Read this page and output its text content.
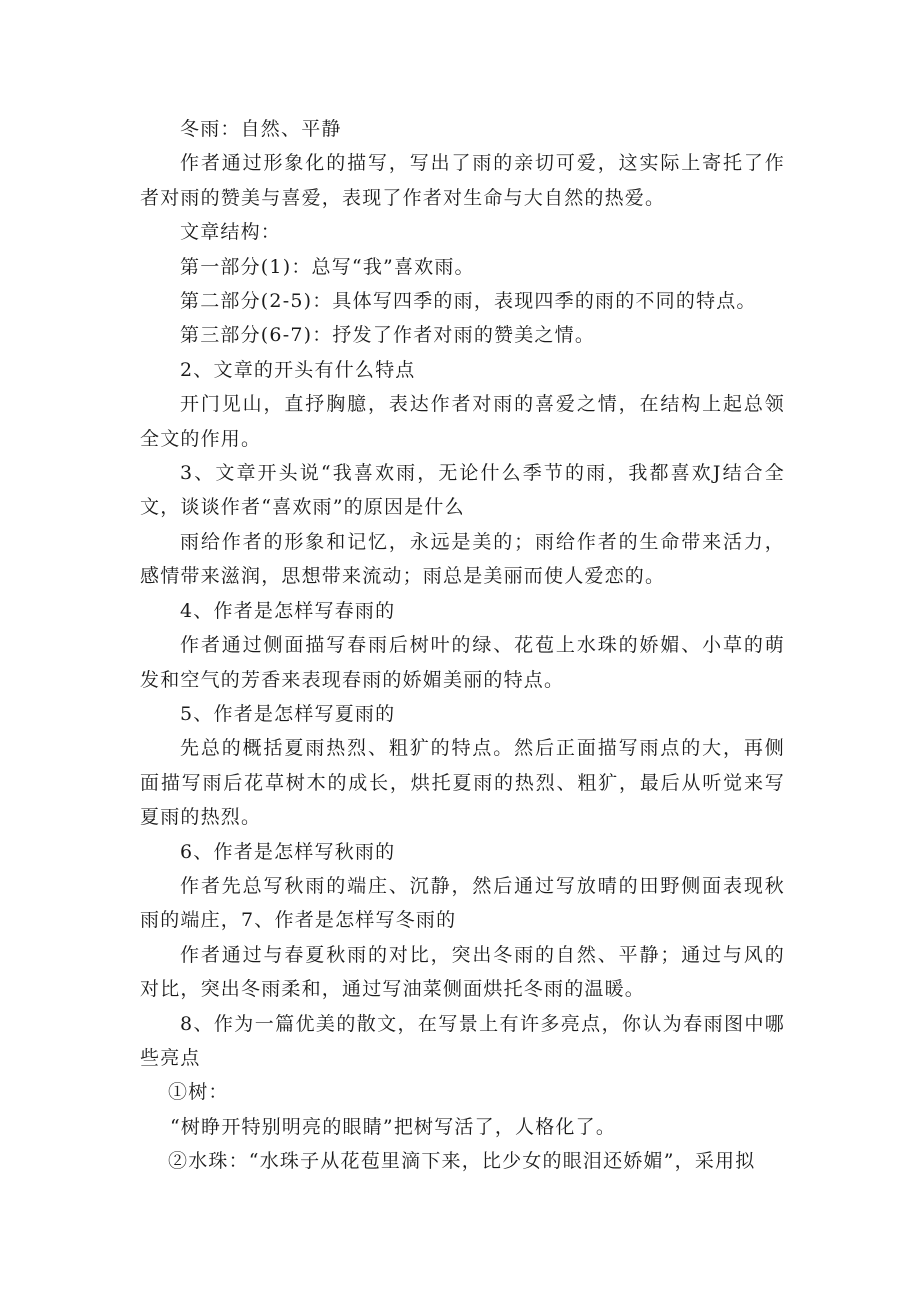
冬雨：自然、平静

作者通过形象化的描写，写出了雨的亲切可爱，这实际上寄托了作者对雨的赞美与喜爱，表现了作者对生命与大自然的热爱。

文章结构：

第一部分(1)：总写“我”喜欢雨。

第二部分(2-5)：具体写四季的雨，表现四季的雨的不同的特点。

第三部分(6-7)：抒发了作者对雨的赞美之情。

2、文章的开头有什么特点

开门见山，直抒胸臆，表达作者对雨的喜爱之情，在结构上起总领全文的作用。

3、文章开头说“我喜欢雨，无论什么季节的雨，我都喜欢J结合全文，谈谈作者“喜欢雨”的原因是什么

雨给作者的形象和记忆，永远是美的；雨给作者的生命带来活力，感情带来滋润，思想带来流动；雨总是美丽而使人爱恋的。

4、作者是怎样写春雨的

作者通过侧面描写春雨后树叶的绿、花苞上水珠的娇媚、小草的萌发和空气的芳香来表现春雨的娇媚美丽的特点。

5、作者是怎样写夏雨的

先总的概括夏雨热烈、粗犷的特点。然后正面描写雨点的大，再侧面描写雨后花草树木的成长，烘托夏雨的热烈、粗犷，最后从听觉来写夏雨的热烈。

6、作者是怎样写秋雨的

作者先总写秋雨的端庄、沉静，然后通过写放晴的田野侧面表现秋雨的端庄，7、作者是怎样写冬雨的

作者通过与春夏秋雨的对比，突出冬雨的自然、平静；通过与风的对比，突出冬雨柔和，通过写油菜侧面烘托冬雨的温暖。

8、作为一篇优美的散文，在写景上有许多亮点，你认为春雨图中哪些亮点

①树：

“树睁开特别明亮的眼睛”把树写活了，人格化了。

②水珠：“水珠子从花苞里滴下来，比少女的眼泪还娇媚”，采用拟
